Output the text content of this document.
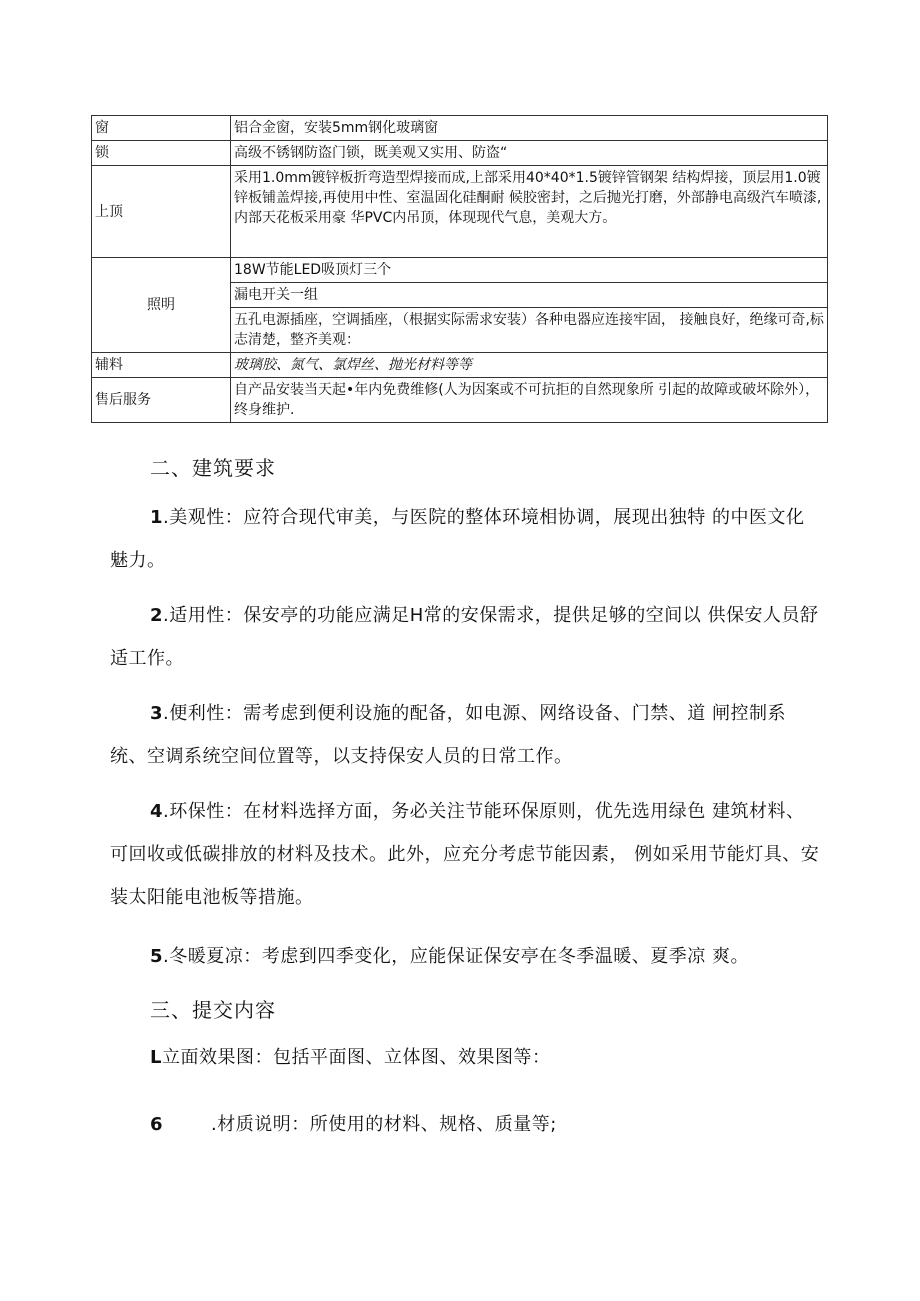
窗	铝合金窗，安装5mm钢化玻璃窗
锁	高级不锈钢防盗门锁，既美观又实用、防盗“
上顶	采用1.0mm镀锌板折弯造型焊接而成,上部采用40*40*1.5镀锌管钢架 结构焊接，顶层用1.0镀锌板铺盖焊接,再使用中性、室温固化硅酮耐 候胶密封，之后抛光打磨，外部静电高级汽车喷漆,内部天花板采用豪 华PVC内吊顶，体现现代气息，美观大方。
照明	18W节能LED吸顶灯三个
	漏电开关一组
	五孔电源插座，空调插座，（根据实际需求安装）各种电器应连接牢固， 接触良好，绝缘可奇,标志清楚，整齐美观：
辅料	玻璃胶、氮气、氯焊丝、抛光材料等等
售后服务	自产品安装当天起•年内免费维修(人为因案或不可抗拒的自然现象所 引起的故障或破坏除外），终身维护.
二、建筑要求
1.美观性：应符合现代审美，与医院的整体环境相协调，展现出独特 的中医文化魅力。
2.适用性：保安亭的功能应满足H常的安保需求，提供足够的空间以 供保安人员舒适工作。
3.便利性：需考虑到便利设施的配备，如电源、网络设备、门禁、道 闸控制系统、空调系统空间位置等，以支持保安人员的日常工作。
4.环保性：在材料选择方面，务必关注节能环保原则，优先选用绿色 建筑材料、可回收或低碳排放的材料及技术。此外，应充分考虑节能因素， 例如采用节能灯具、安装太阳能电池板等措施。
5.冬暖夏凉：考虑到四季变化，应能保证保安亭在冬季温暖、夏季凉 爽。
三、提交内容
L立面效果图：包括平面图、立体图、效果图等：
6	.材质说明：所使用的材料、规格、质量等;
